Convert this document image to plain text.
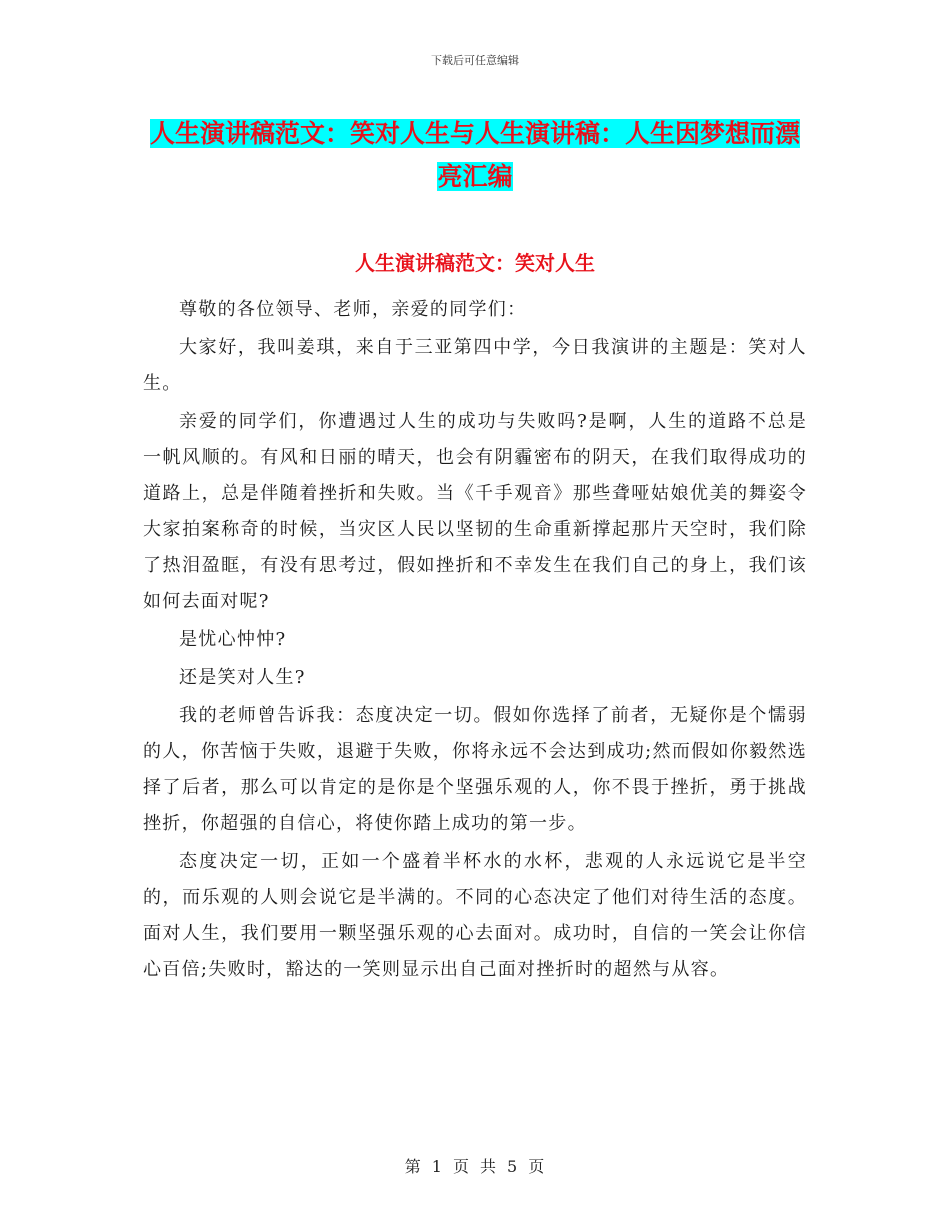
下载后可任意编辑
人生演讲稿范文：笑对人生与人生演讲稿：人生因梦想而漂亮汇编
人生演讲稿范文：笑对人生

尊敬的各位领导、老师，亲爱的同学们：

大家好，我叫姜琪，来自于三亚第四中学，今日我演讲的主题是：笑对人生。

亲爱的同学们，你遭遇过人生的成功与失败吗?是啊，人生的道路不总是一帆风顺的。有风和日丽的晴天，也会有阴霾密布的阴天，在我们取得成功的道路上，总是伴随着挫折和失败。当《千手观音》那些聋哑姑娘优美的舞姿令大家拍案称奇的时候，当灾区人民以坚韧的生命重新撑起那片天空时，我们除了热泪盈眶，有没有思考过，假如挫折和不幸发生在我们自己的身上，我们该如何去面对呢?

是忧心忡忡?

还是笑对人生?

我的老师曾告诉我：态度决定一切。假如你选择了前者，无疑你是个懦弱的人，你苦恼于失败，退避于失败，你将永远不会达到成功;然而假如你毅然选择了后者，那么可以肯定的是你是个坚强乐观的人，你不畏于挫折，勇于挑战挫折，你超强的自信心，将使你踏上成功的第一步。

态度决定一切，正如一个盛着半杯水的水杯，悲观的人永远说它是半空的，而乐观的人则会说它是半满的。不同的心态决定了他们对待生活的态度。面对人生，我们要用一颗坚强乐观的心去面对。成功时，自信的一笑会让你信心百倍;失败时，豁达的一笑则显示出自己面对挫折时的超然与从容。

第 1 页 共 5 页
